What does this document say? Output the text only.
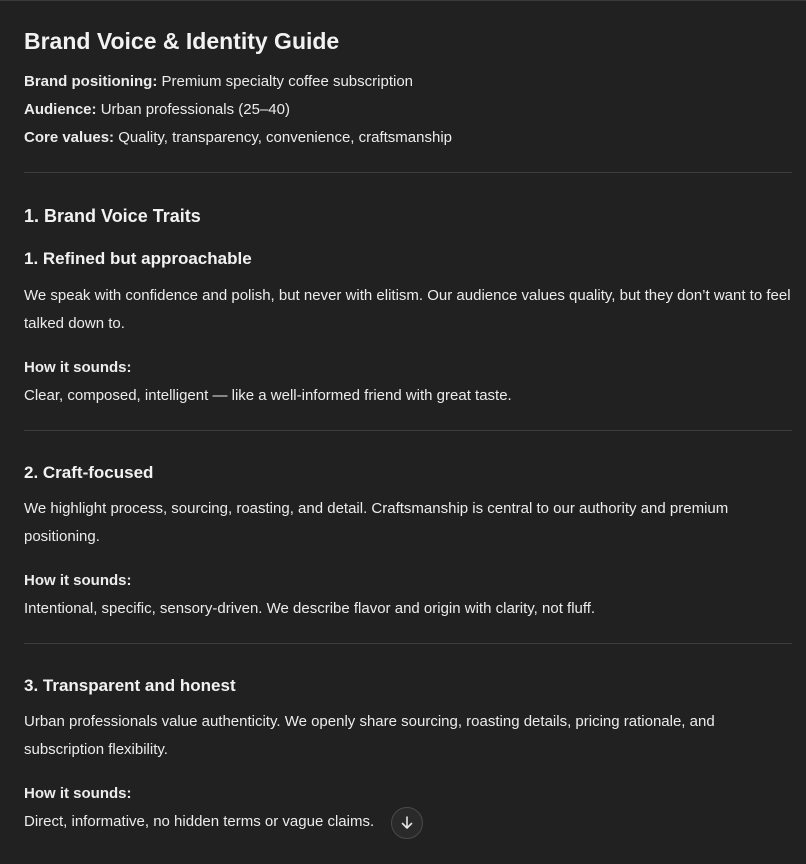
Brand Voice & Identity Guide

Brand positioning: Premium specialty coffee subscription

Audience: Urban professionals (25–40)

Core values: Quality, transparency, convenience, craftsmanship

1. Brand Voice Traits
1. Refined but approachable

We speak with confidence and polish, but never with elitism. Our audience values quality, but they don’t want to feel talked down to.

How it sounds:

Clear, composed, intelligent — like a well-informed friend with great taste.

2. Craft-focused

We highlight process, sourcing, roasting, and detail. Craftsmanship is central to our authority and premium positioning.

How it sounds:

Intentional, specific, sensory-driven. We describe flavor and origin with clarity, not fluff.

3. Transparent and honest

Urban professionals value authenticity. We openly share sourcing, roasting details, pricing rationale, and subscription flexibility.

How it sounds:

Direct, informative, no hidden terms or vague claims.
